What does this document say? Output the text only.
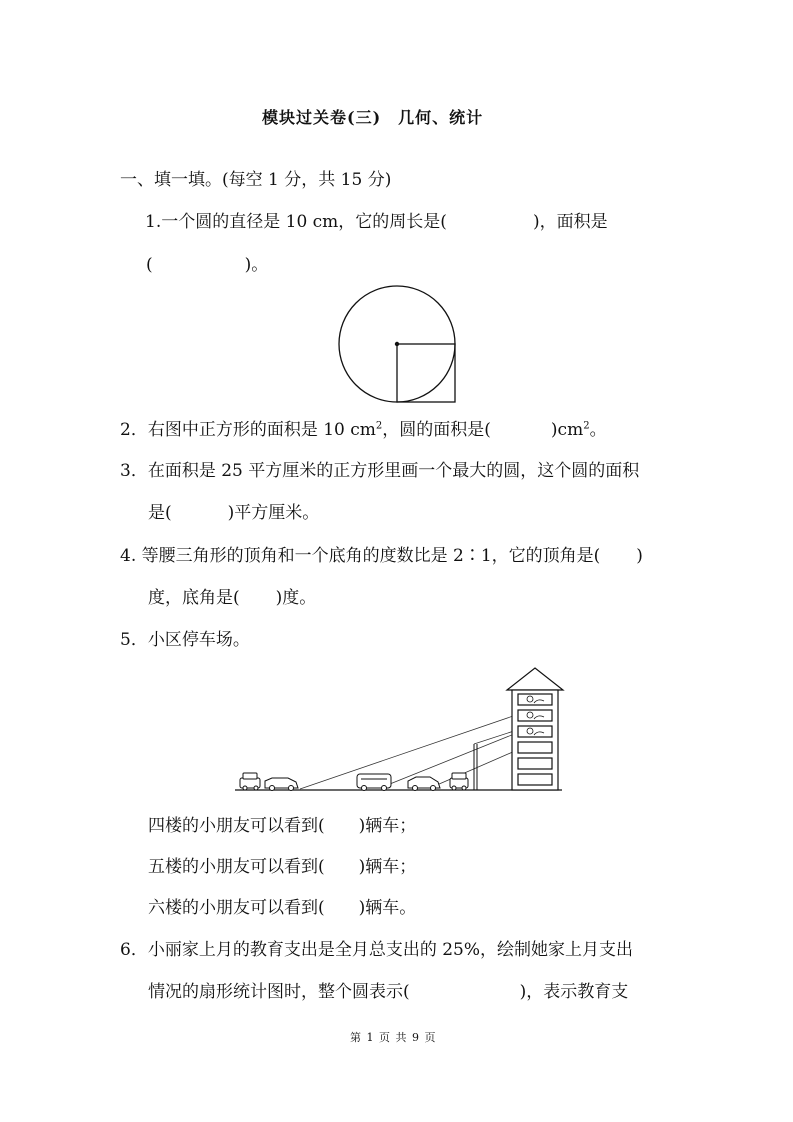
模块过关卷(三)　几何、统计
一、填一填。(每空 1 分，共 15 分)
1.一个圆的直径是 10 cm，它的周长是(	)，面积是
(	)。
2．右图中正方形的面积是 10 $cm^2$，圆的面积是(	)$cm^2$。
3．在面积是 25 平方厘米的正方形里画一个最大的圆，这个圆的面积
是(	)平方厘米。
4. 等腰三角形的顶角和一个底角的度数比是 2∶1，它的顶角是( )
度，底角是( )度。
5．小区停车场。
四楼的小朋友可以看到( )辆车；
五楼的小朋友可以看到( )辆车；
六楼的小朋友可以看到( )辆车。
6．小丽家上月的教育支出是全月总支出的 25%，绘制她家上月支出
情况的扇形统计图时，整个圆表示(	)，表示教育支
第 1 页 共 9 页
